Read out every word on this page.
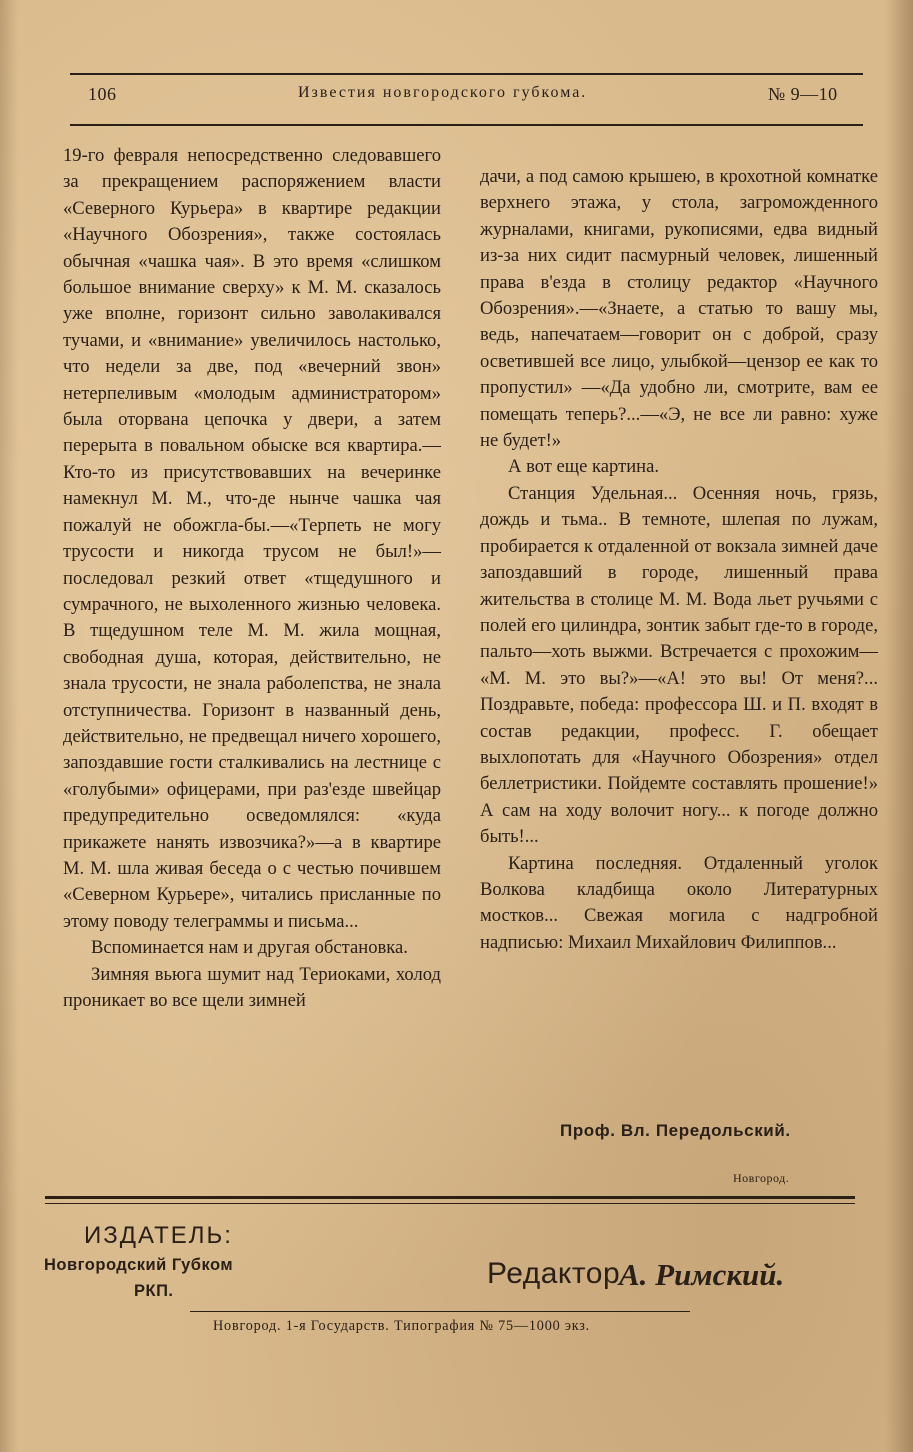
106	Известия новгородского губкома.	№ 9—10

19-го февраля непосредственно следовавшего за прекращением распоряжением власти «Северного Курьера» в квартире редакции «Научного Обозрения», также состоялась обычная «чашка чая». В это время «слишком большое внимание сверху» к М. М. сказалось уже вполне, горизонт сильно заволакивался тучами, и «внимание» увеличилось настолько, что недели за две, под «вечерний звон» нетерпеливым «молодым администратором» была оторвана цепочка у двери, а затем перерыта в повальном обыске вся квартира.—Кто-то из присутствовавших на вечеринке намекнул М. М., что-де нынче чашка чая пожалуй не обожгла-бы.—«Терпеть не могу трусости и никогда трусом не был!»—последовал резкий ответ «тщедушного и сумрачного, не выхоленного жизнью человека. В тщедушном теле М. М. жила мощная, свободная душа, которая, действительно, не знала трусости, не знала раболепства, не знала отступничества. Горизонт в названный день, действительно, не предвещал ничего хорошего, запоздавшие гости сталкивались на лестнице с «голубыми» офицерами, при раз'езде швейцар предупредительно осведомлялся: «куда прикажете нанять извозчика?»—а в квартире М. М. шла живая беседа о с честью почившем «Северном Курьере», читались присланные по этому поводу телеграммы и письма...

Вспоминается нам и другая обстановка.

Зимняя вьюга шумит над Териоками, холод проникает во все щели зимней

дачи, а под самою крышею, в крохотной комнатке верхнего этажа, у стола, загроможденного журналами, книгами, рукописями, едва видный из-за них сидит пасмурный человек, лишенный права в'езда в столицу редактор «Научного Обозрения».—«Знаете, а статью то вашу мы, ведь, напечатаем—говорит он с доброй, сразу осветившей все лицо, улыбкой—цензор ее как то пропустил» —«Да удобно ли, смотрите, вам ее помещать теперь?...—«Э, не все ли равно: хуже не будет!»

А вот еще картина.

Станция Удельная... Осенняя ночь, грязь, дождь и тьма.. В темноте, шлепая по лужам, пробирается к отдаленной от вокзала зимней даче запоздавший в городе, лишенный права жительства в столице М. М. Вода льет ручьями с полей его цилиндра, зонтик забыт где-то в городе, пальто—хоть выжми. Встречается с прохожим— «М. М. это вы?»—«А! это вы! От меня?... Поздравьте, победа: профессора Ш. и П. входят в состав редакции, професс. Г. обещает выхлопотать для «Научного Обозрения» отдел беллетристики. Пойдемте составлять прошение!» А сам на ходу волочит ногу... к погоде должно быть!...

Картина последняя. Отдаленный уголок Волкова кладбища около Литературных мостков... Свежая могила с надгробной надписью: Михаил Михайлович Филиппов...

Проф. Вл. Передольский.
Новгород.
ИЗДАТЕЛЬ:
Новгородский Губком
РКП.
Редактор
А. Римский.
Новгород. 1-я Государств. Типография № 75—1000 экз.
